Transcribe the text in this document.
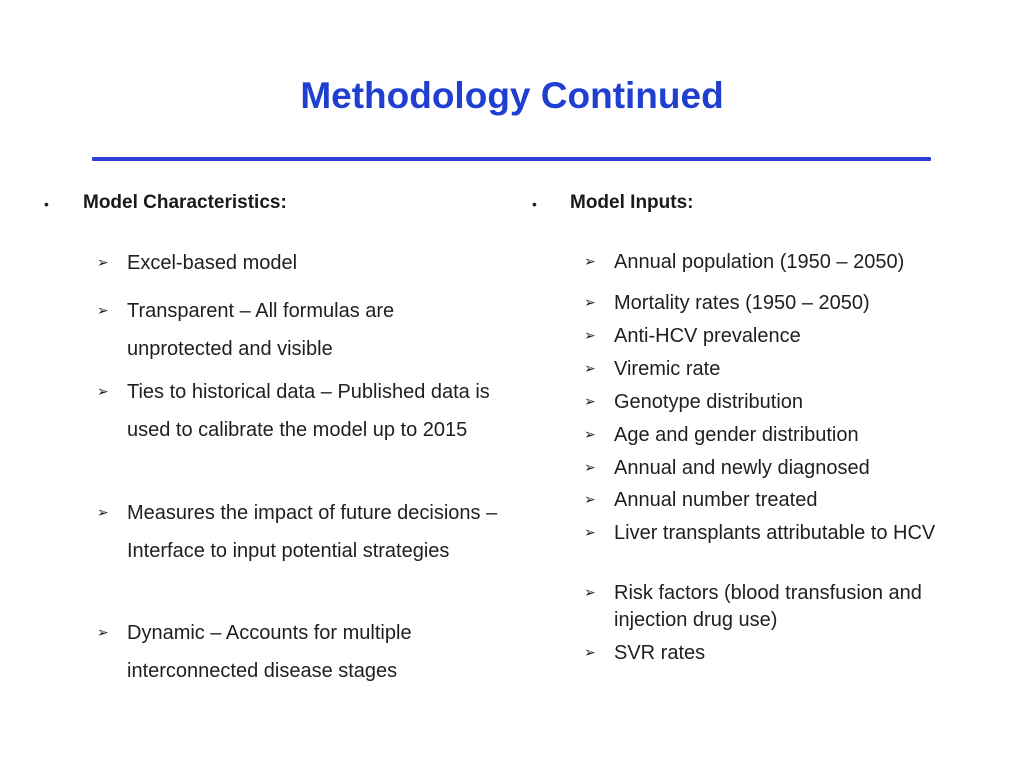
Methodology Continued
• Model Characteristics:
➢ Excel-based model
➢ Transparent – All formulas are unprotected and visible
➢ Ties to historical data – Published data is used to calibrate the model up to 2015
➢ Measures the impact of future decisions – Interface to input potential strategies
➢ Dynamic – Accounts for multiple interconnected disease stages
• Model Inputs:
➢ Annual population (1950 – 2050)
➢ Mortality rates (1950 – 2050)
➢ Anti-HCV prevalence
➢ Viremic rate
➢ Genotype distribution
➢ Age and gender distribution
➢ Annual and newly diagnosed
➢ Annual number treated
➢ Liver transplants attributable to HCV
➢ Risk factors (blood transfusion and injection drug use)
➢ SVR rates
